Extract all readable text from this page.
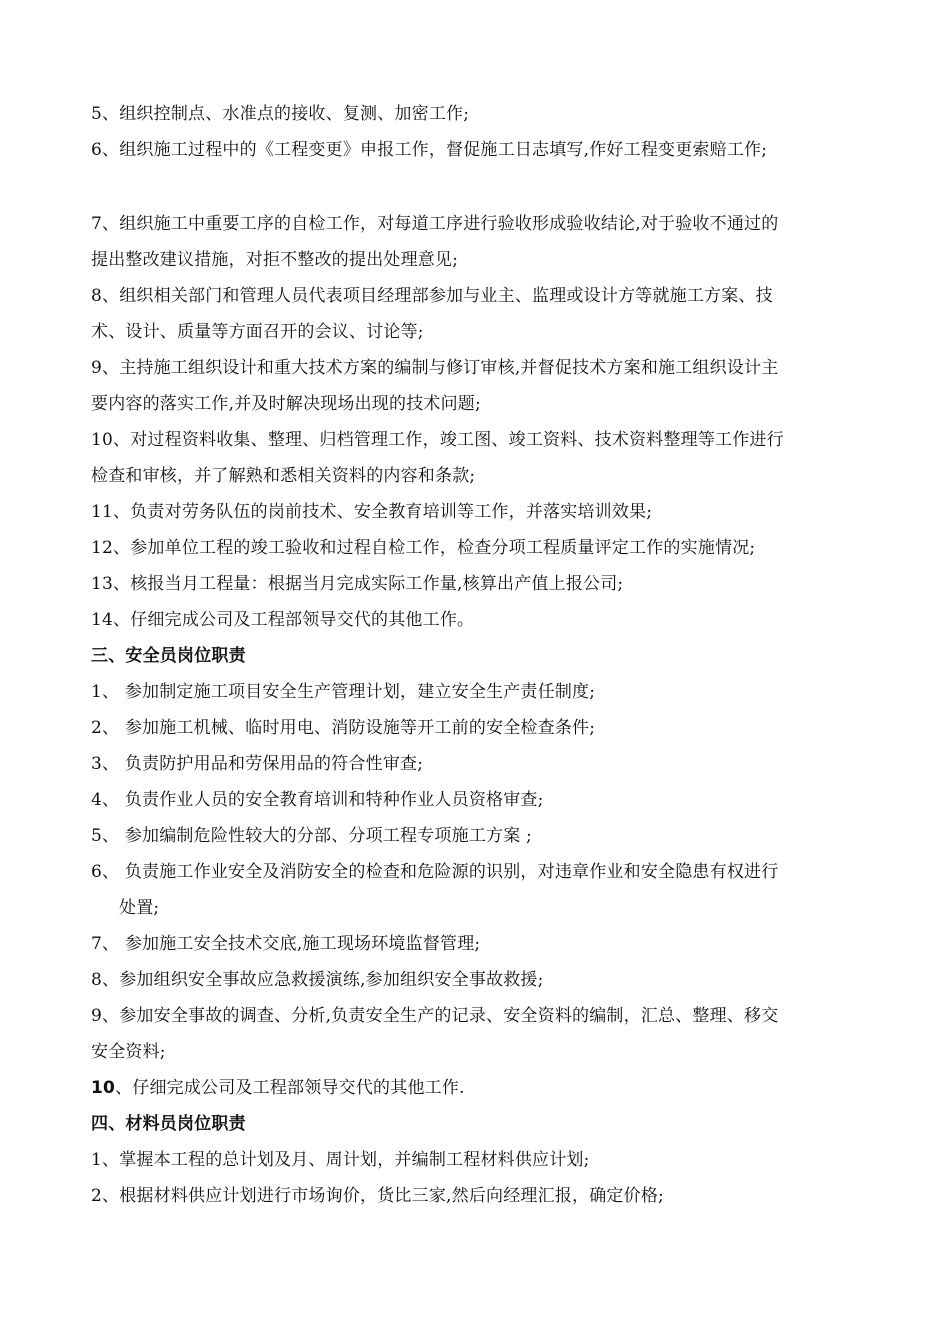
5、组织控制点、水准点的接收、复测、加密工作;
6、组织施工过程中的《工程变更》申报工作，督促施工日志填写,作好工程变更索赔工作;
7、组织施工中重要工序的自检工作，对每道工序进行验收形成验收结论,对于验收不通过的
提出整改建议措施，对拒不整改的提出处理意见;
8、组织相关部门和管理人员代表项目经理部参加与业主、监理或设计方等就施工方案、技
术、设计、质量等方面召开的会议、讨论等;
9、主持施工组织设计和重大技术方案的编制与修订审核,并督促技术方案和施工组织设计主
要内容的落实工作,并及时解决现场出现的技术问题;
10、对过程资料收集、整理、归档管理工作，竣工图、竣工资料、技术资料整理等工作进行
检查和审核，并了解熟和悉相关资料的内容和条款;
11、负责对劳务队伍的岗前技术、安全教育培训等工作，并落实培训效果;
12、参加单位工程的竣工验收和过程自检工作，检查分项工程质量评定工作的实施情况;
13、核报当月工程量：根据当月完成实际工作量,核算出产值上报公司;
14、仔细完成公司及工程部领导交代的其他工作。
三、安全员岗位职责
1、 参加制定施工项目安全生产管理计划，建立安全生产责任制度;
2、 参加施工机械、临时用电、消防设施等开工前的安全检查条件;
3、 负责防护用品和劳保用品的符合性审查;
4、 负责作业人员的安全教育培训和特种作业人员资格审查;
5、 参加编制危险性较大的分部、分项工程专项施工方案 ;
6、 负责施工作业安全及消防安全的检查和危险源的识别，对违章作业和安全隐患有权进行
处置;
7、 参加施工安全技术交底,施工现场环境监督管理;
8、参加组织安全事故应急救援演练,参加组织安全事故救援;
9、参加安全事故的调查、分析,负责安全生产的记录、安全资料的编制，汇总、整理、移交
安全资料;
10、仔细完成公司及工程部领导交代的其他工作.
四、材料员岗位职责
1、掌握本工程的总计划及月、周计划，并编制工程材料供应计划;
2、根据材料供应计划进行市场询价，货比三家,然后向经理汇报，确定价格;
